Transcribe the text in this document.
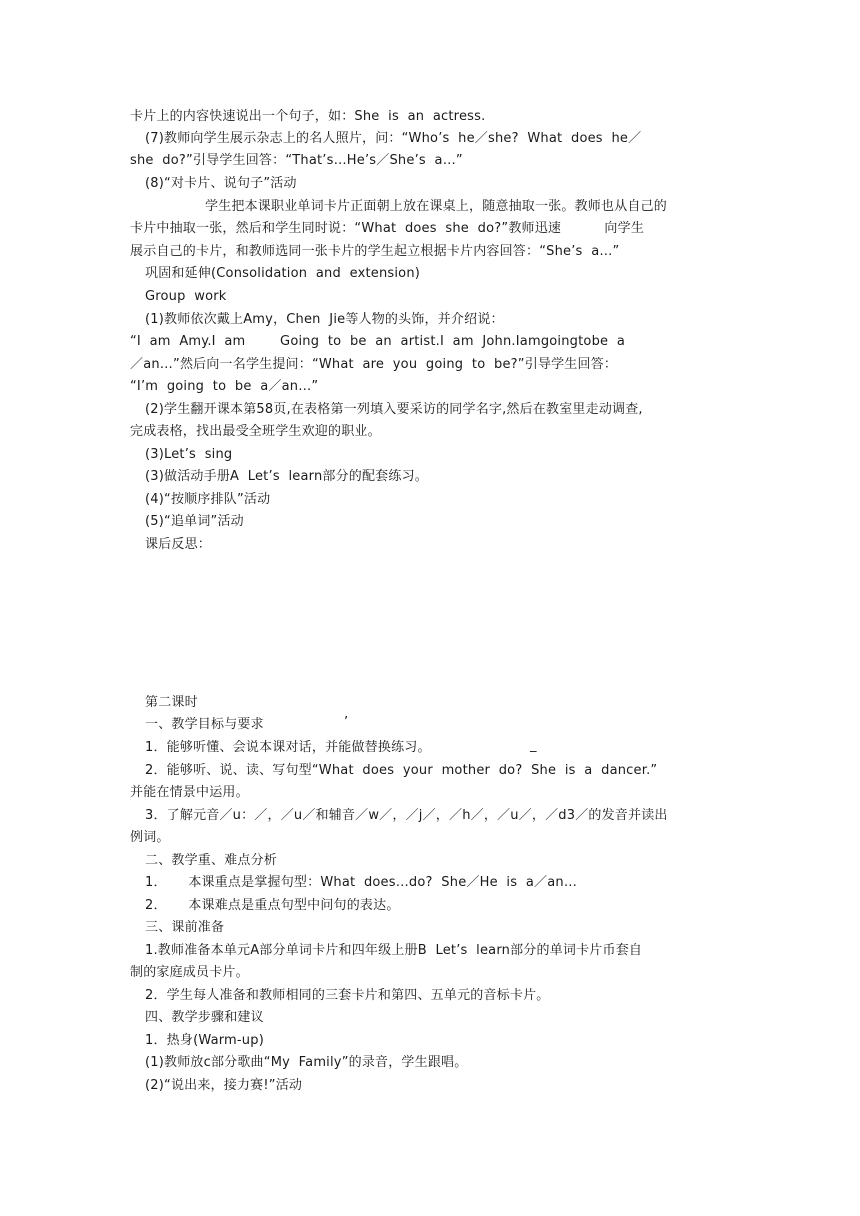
卡片上的内容快速说出一个句子，如：She  is  an  actress.
(7)教师向学生展示杂志上的名人照片，问：“Who’s  he／she?  What  does  he／
she  do?”引导学生回答：“That’s…He’s／She’s  a…”
(8)“对卡片、说句子”活动
学生把本课职业单词卡片正面朝上放在课桌上，随意抽取一张。教师也从自己的
卡片中抽取一张，然后和学生同时说：“What  does  she  do?”教师迅速          向学生
展示自己的卡片，和教师选同一张卡片的学生起立根据卡片内容回答：“She’s  a…”
巩固和延伸(Consolidation  and  extension)
Group  work
(1)教师依次戴上Amy，Chen  Jie等人物的头饰，并介绍说：
“I  am  Amy.I  am        Going  to  be  an  artist.I  am  John.Iamgoingtobe  a
／an…”然后向一名学生提问：“What  are  you  going  to  be?”引导学生回答：
“I’m  going  to  be  a／an…”
(2)学生翻开课本第58页,在表格第一列填入要采访的同学名字,然后在教室里走动调查,
完成表格，找出最受全班学生欢迎的职业。
(3)Let’s  sing
(3)做活动手册A  Let’s  learn部分的配套练习。
(4)“按顺序排队”活动
(5)“追单词”活动
课后反思：
第二课时
一、教学目标与要求	’
1．能够听懂、会说本课对话，并能做替换练习。	_
2．能够听、说、读、写句型“What  does  your  mother  do?  She  is  a  dancer.”
并能在情景中运用。
3．了解元音／u：／，／u／和辅音／w／，／j／，／h／，／u／，／d3／的发音并读出
例词。
二、教学重、难点分析
1．     本课重点是掌握句型：What  does…do?  She／He  is  a／an…
2．     本课难点是重点句型中问句的表达。
三、课前准备
1.教师准备本单元A部分单词卡片和四年级上册B  Let’s  learn部分的单词卡片币套自
制的家庭成员卡片。
2．学生每人准备和教师相同的三套卡片和第四、五单元的音标卡片。
四、教学步骤和建议
1．热身(Warm-up)
(1)教师放c部分歌曲“My  Family”的录音，学生跟唱。
(2)“说出来，接力赛!”活动
